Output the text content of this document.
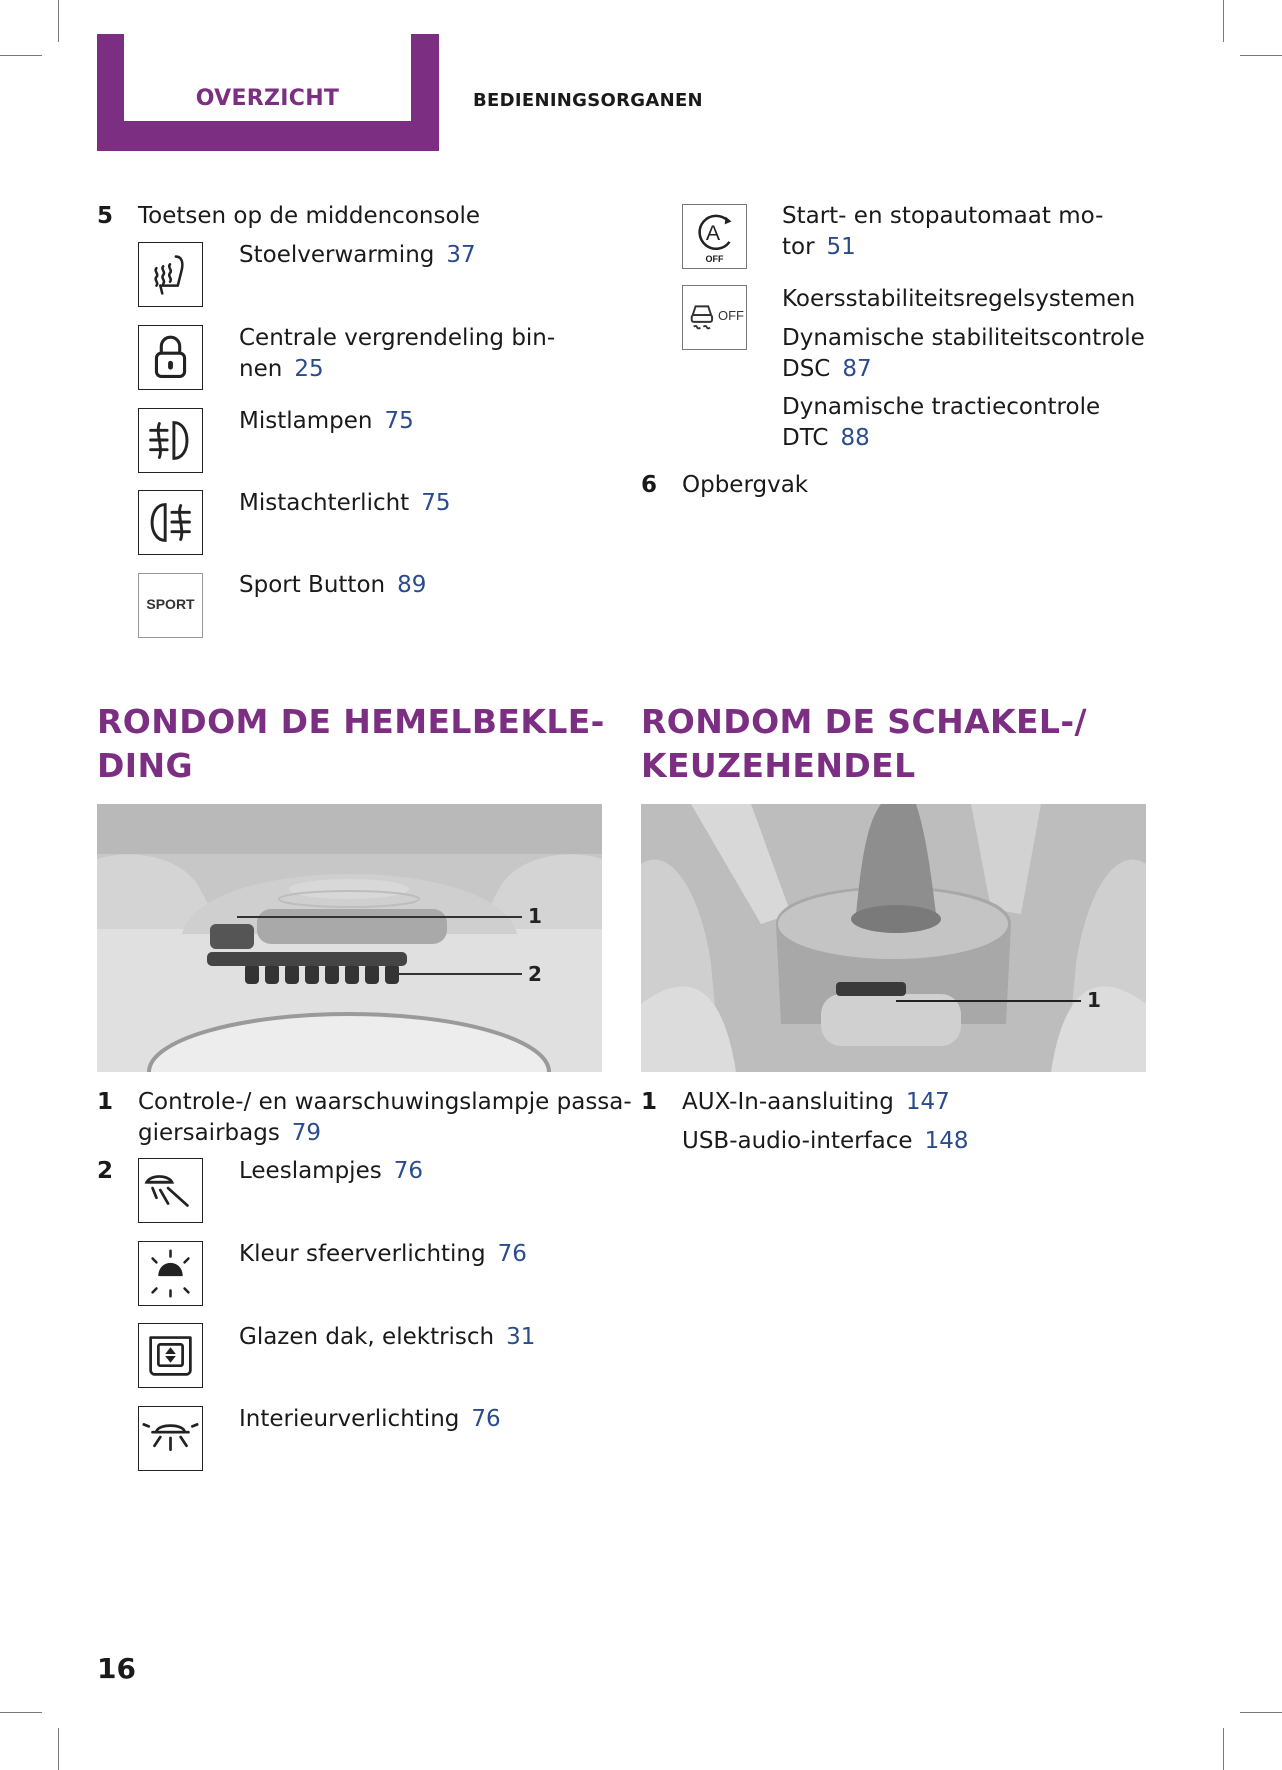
OVERZICHT	BEDIENINGSORGANEN
5 Toetsen op de middenconsole
Stoelverwarming 37
Centrale vergrendeling bin-
nen 25
Mistlampen 75
Mistachterlicht 75
SPORT
Sport Button 89
A
OFF
Start- en stopautomaat mo-
tor 51
OFF
Koersstabiliteitsregelsystemen
Dynamische stabiliteitscontrole
DSC 87
Dynamische tractiecontrole
DTC 88
6 Opbergvak
RONDOM DE HEMELBEKLE-
DING
RONDOM DE SCHAKEL-/
KEUZEHENDEL
1
2
1
1 Controle-/ en waarschuwingslampje passa-
giersairbags 79
2	Leeslampjes 76
Kleur sfeerverlichting 76
Glazen dak, elektrisch 31
Interieurverlichting 76
1 AUX-In-aansluiting 147
USB-audio-interface 148
16
